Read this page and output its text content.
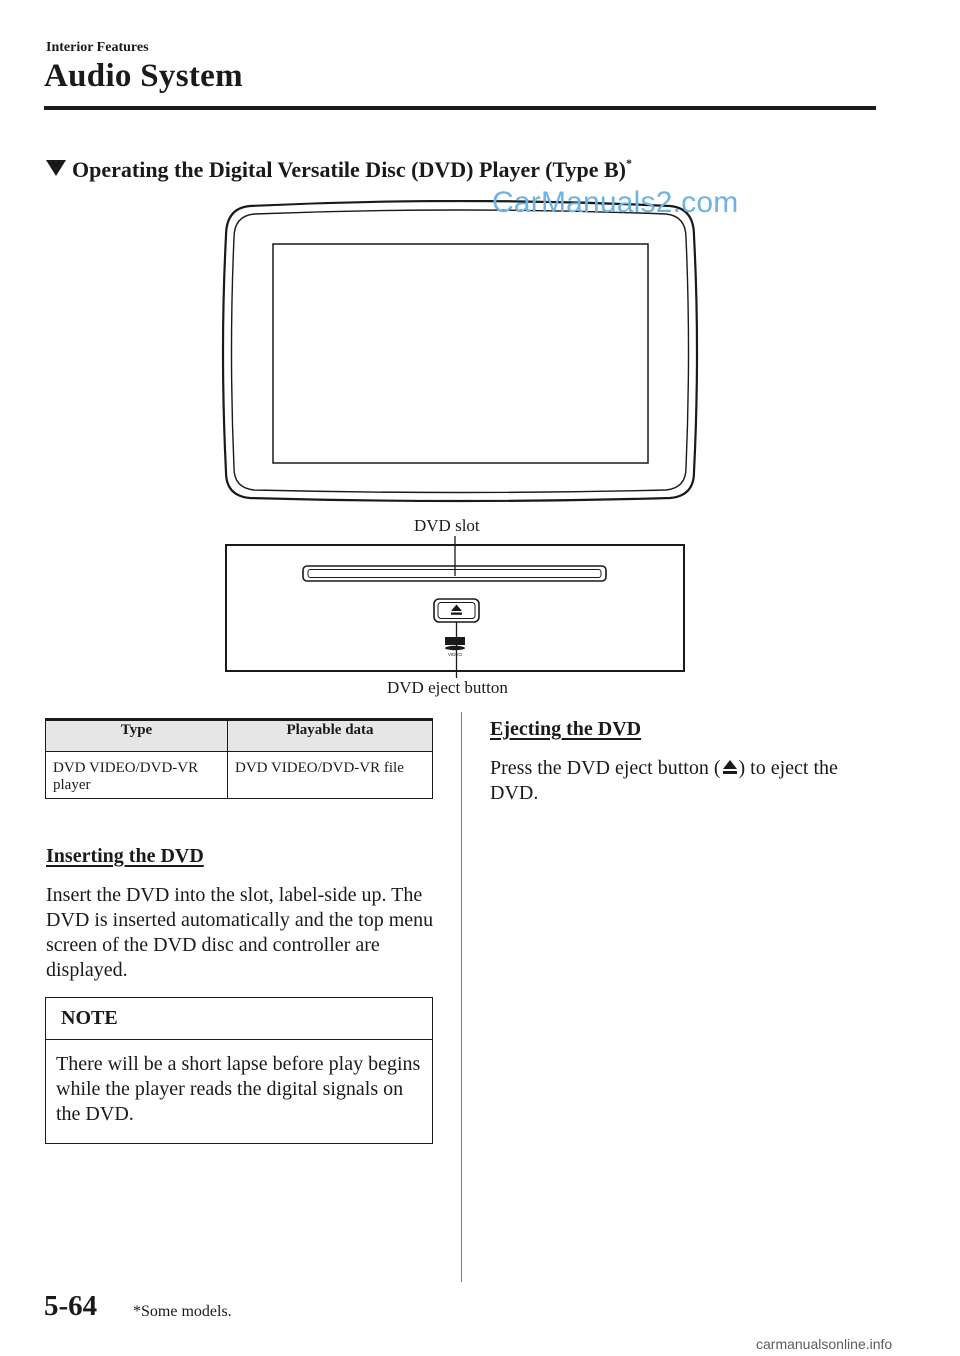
Interior Features
Audio System
Operating the Digital Versatile Disc (DVD) Player (Type B)*
VIDEO
CarManuals2.com
DVD slot
DVD eject button
Type	Playable data
DVD VIDEO/DVD-VR player	DVD VIDEO/DVD-VR file
Inserting the DVD
Insert the DVD into the slot, label-side up. The DVD is inserted automatically and the top menu screen of the DVD disc and controller are displayed.
NOTE
There will be a short lapse before play begins while the player reads the digital signals on the DVD.
Ejecting the DVD
Press the DVD eject button ( ) to eject the DVD.
5-64 *Some models.
carmanualsonline.info
